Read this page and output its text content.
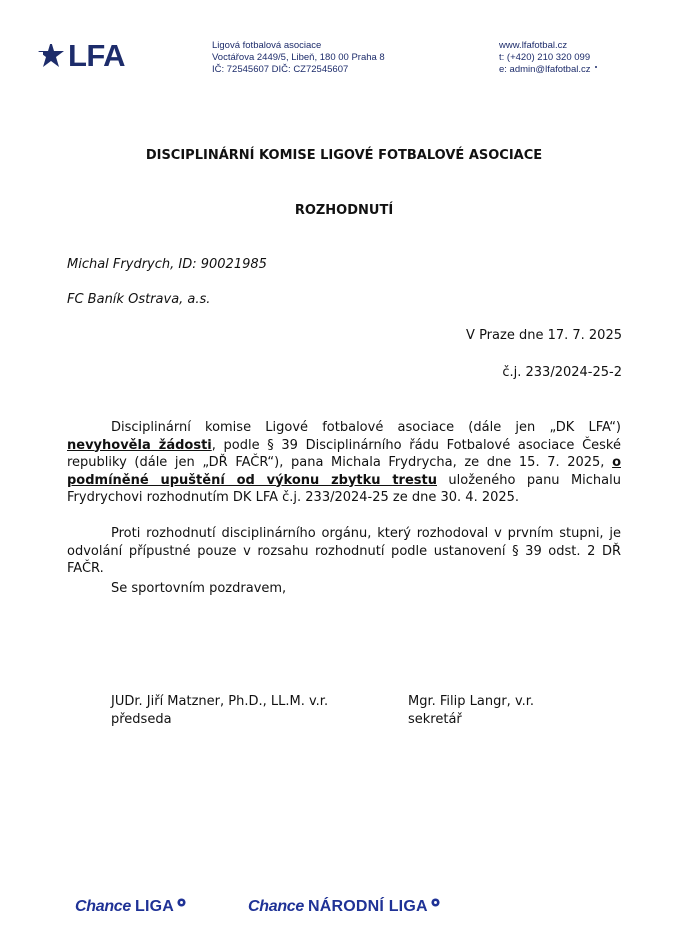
LFA	Ligová fotbalová asociace
Voctářova 2449/5, Libeň, 180 00 Praha 8
IČ: 72545607 DIČ: CZ72545607
www.lfafotbal.cz
t: (+420) 210 320 099
e: admin@lfafotbal.cz
DISCIPLINÁRNÍ KOMISE LIGOVÉ FOTBALOVÉ ASOCIACE
ROZHODNUTÍ
Michal Frydrych, ID: 90021985
FC Baník Ostrava, a.s.
V Praze dne 17. 7. 2025
č.j. 233/2024-25-2
Disciplinární komise Ligové fotbalové asociace (dále jen „DK LFA“) nevyhověla žádosti, podle § 39 Disciplinárního řádu Fotbalové asociace České republiky (dále jen „DŘ FAČR“), pana Michala Frydrycha, ze dne 15. 7. 2025, o podmíněné upuštění od výkonu zbytku trestu uloženého panu Michalu Frydrychovi rozhodnutím DK LFA č.j. 233/2024-25 ze dne 30. 4. 2025.
Proti rozhodnutí disciplinárního orgánu, který rozhodoval v prvním stupni, je odvolání přípustné pouze v rozsahu rozhodnutí podle ustanovení § 39 odst. 2 DŘ FAČR.
Se sportovním pozdravem,
JUDr. Jiří Matzner, Ph.D., LL.M. v.r.
předseda
Mgr. Filip Langr, v.r.
sekretář
Chance LIGA	Chance NÁRODNÍ LIGA
